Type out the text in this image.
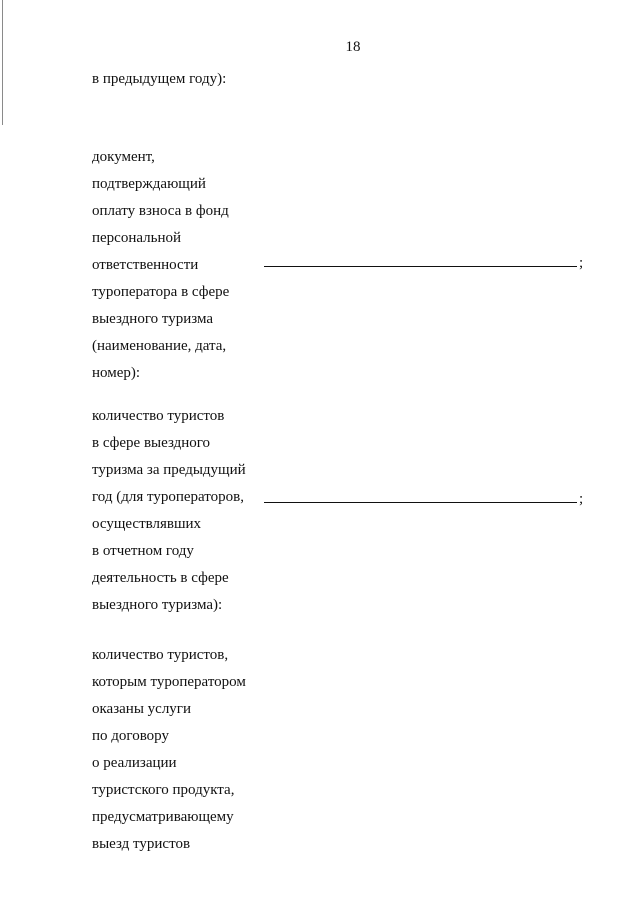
18
в предыдущем году):
документ,
подтверждающий
оплату взноса в фонд
персональной
ответственности
туроператора в сфере
выездного туризма
(наименование, дата,
номер):
;
количество туристов
в сфере выездного
туризма за предыдущий
год (для туроператоров,
осуществлявших
в отчетном году
деятельность в сфере
выездного туризма):
;
количество туристов,
которым туроператором
оказаны услуги
по договору
о реализации
туристского продукта,
предусматривающему
выезд туристов
